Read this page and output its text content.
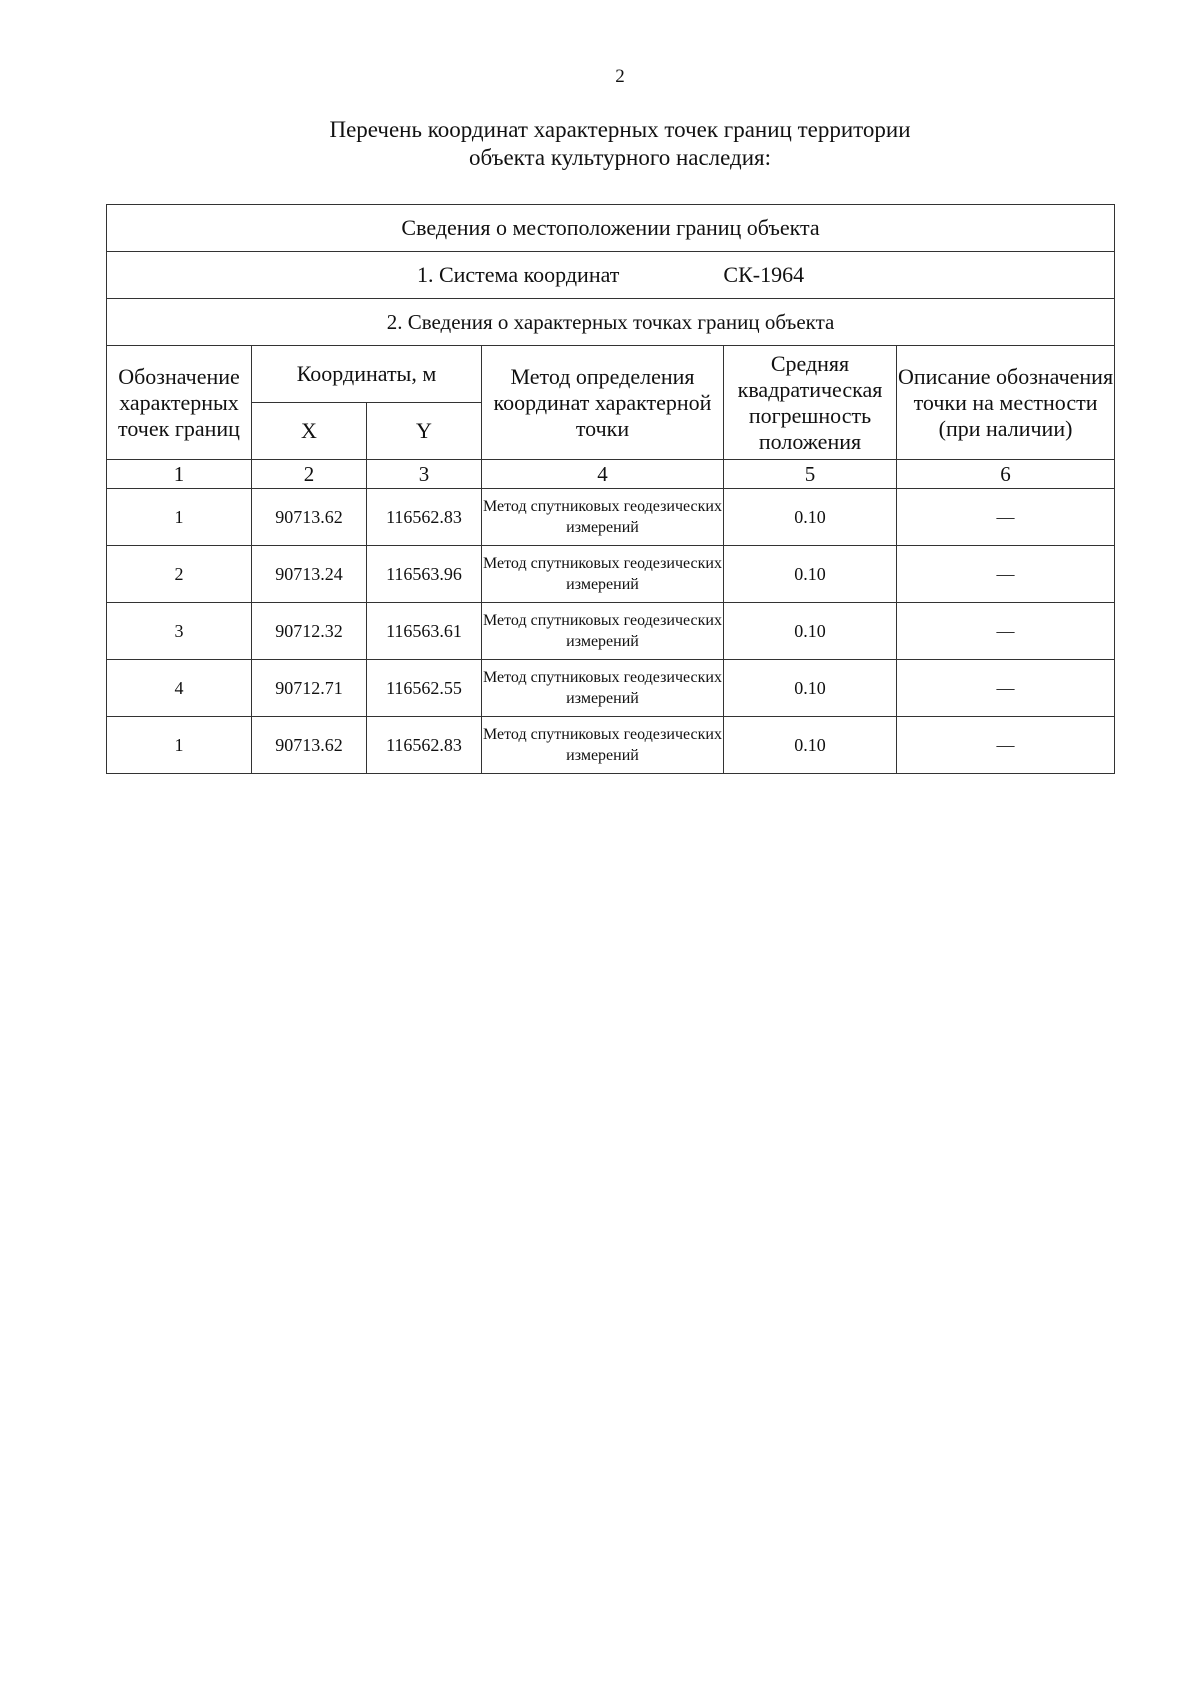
2
Перечень координат характерных точек границ территории
объекта культурного наследия:
Сведения о местоположении границ объекта					
1. Система координат СК-1964					
2. Сведения о характерных точках границ объекта					
Обозначение характерных точек границ	Координаты, м		Метод определения координат характерной точки	Средняя квадратическая погрешность положения	Описание обозначения точки на местности (при наличии)
	X	Y			
1	2	3	4	5	6
1	90713.62	116562.83	Метод спутниковых геодезических измерений	0.10	—
2	90713.24	116563.96	Метод спутниковых геодезических измерений	0.10	—
3	90712.32	116563.61	Метод спутниковых геодезических измерений	0.10	—
4	90712.71	116562.55	Метод спутниковых геодезических измерений	0.10	—
1	90713.62	116562.83	Метод спутниковых геодезических измерений	0.10	—
